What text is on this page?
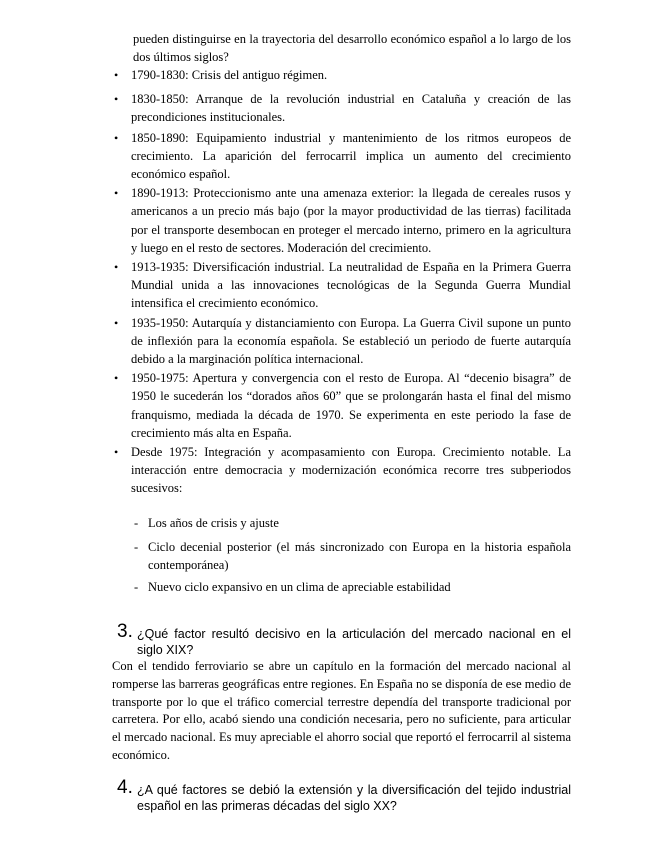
pueden distinguirse en la trayectoria del desarrollo económico español a lo largo de los dos últimos siglos?

• 1790-1830: Crisis del antiguo régimen.
• 1830-1850: Arranque de la revolución industrial en Cataluña y creación de las precondiciones institucionales.
• 1850-1890: Equipamiento industrial y mantenimiento de los ritmos europeos de crecimiento. La aparición del ferrocarril implica un aumento del crecimiento económico español.
• 1890-1913: Proteccionismo ante una amenaza exterior: la llegada de cereales rusos y americanos a un precio más bajo (por la mayor productividad de las tierras) facilitada por el transporte desembocan en proteger el mercado interno, primero en la agricultura y luego en el resto de sectores. Moderación del crecimiento.
• 1913-1935: Diversificación industrial. La neutralidad de España en la Primera Guerra Mundial unida a las innovaciones tecnológicas de la Segunda Guerra Mundial intensifica el crecimiento económico.
• 1935-1950: Autarquía y distanciamiento con Europa. La Guerra Civil supone un punto de inflexión para la economía española. Se estableció un periodo de fuerte autarquía debido a la marginación política internacional.
• 1950-1975: Apertura y convergencia con el resto de Europa. Al “decenio bisagra” de 1950 le sucederán los “dorados años 60” que se prolongarán hasta el final del mismo franquismo, mediada la década de 1970. Se experimenta en este periodo la fase de crecimiento más alta en España.
• Desde 1975: Integración y acompasamiento con Europa. Crecimiento notable. La interacción entre democracia y modernización económica recorre tres subperiodos sucesivos:
- Los años de crisis y ajuste
- Ciclo decenial posterior (el más sincronizado con Europa en la historia española contemporánea)
- Nuevo ciclo expansivo en un clima de apreciable estabilidad
3. ¿Qué factor resultó decisivo en la articulación del mercado nacional en el siglo XIX?

Con el tendido ferroviario se abre un capítulo en la formación del mercado nacional al romperse las barreras geográficas entre regiones. En España no se disponía de ese medio de transporte por lo que el tráfico comercial terrestre dependía del transporte tradicional por carretera. Por ello, acabó siendo una condición necesaria, pero no suficiente, para articular el mercado nacional. Es muy apreciable el ahorro social que reportó el ferrocarril al sistema económico.

4. ¿A qué factores se debió la extensión y la diversificación del tejido industrial español en las primeras décadas del siglo XX?
